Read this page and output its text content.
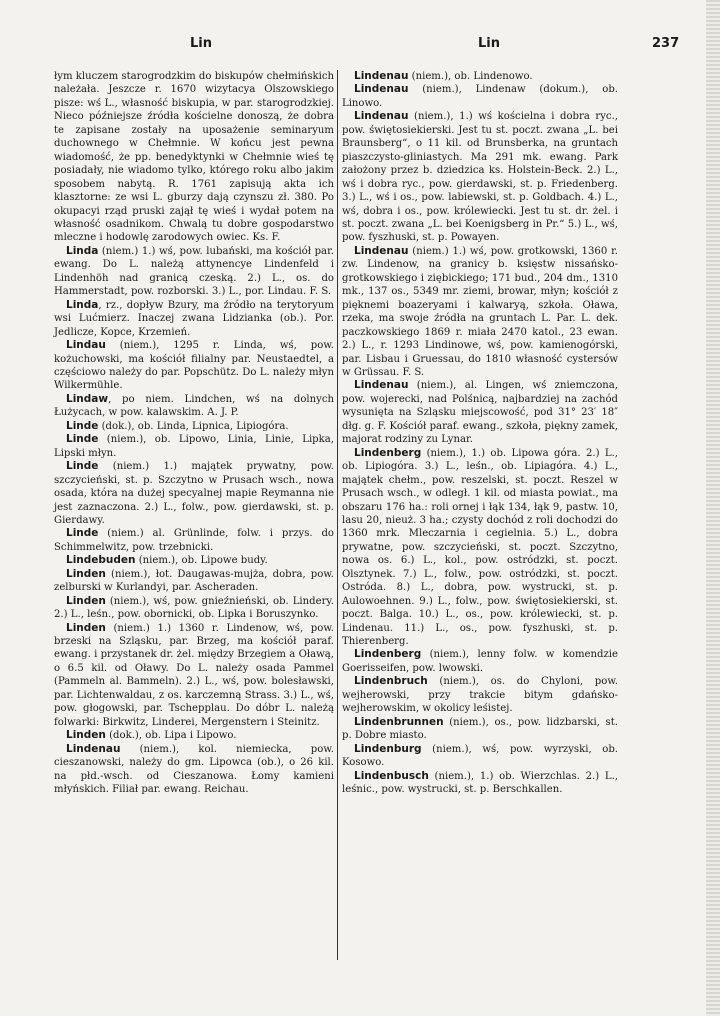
Lin	Lin	237

łym kluczem starogrodzkim do biskupów chełmińskich należała. Jeszcze r. 1670 wizytacya Olszowskiego pisze: wś L., własność biskupia, w par. starogrodzkiej. Nieco późniejsze źródła kościelne donoszą, że dobra te zapisane zostały na uposażenie seminaryum duchownego w Chełmnie. W końcu jest pewna wiadomość, że pp. benedyktynki w Chełmnie wieś tę posiadały, nie wiadomo tylko, którego roku albo jakim sposobem nabytą. R. 1761 zapisują akta ich klasztorne: ze wsi L. gburzy dają czynszu zł. 380. Po okupacyi rząd pruski zajął tę wieś i wydał potem na własność osadnikom. Chwalą tu dobre gospodarstwo mleczne i hodowlę zarodowych owiec. Ks. F.

Linda (niem.) 1.) wś, pow. lubański, ma kościół par. ewang. Do L. należą attynencye Lindenfeld i Lindenhöh nad granicą czeską. 2.) L., os. do Hammerstadt, pow. rozborski. 3.) L., por. Lindau. F. S.

Linda, rz., dopływ Bzury, ma źródło na terytoryum wsi Lućmierz. Inaczej zwana Lidzianka (ob.). Por. Jedlicze, Kopce, Krzemień.

Lindau (niem.), 1295 r. Linda, wś, pow. kożuchowski, ma kościół filialny par. Neustaedtel, a częściowo należy do par. Popschütz. Do L. należy młyn Wilkermühle.

Lindaw, po niem. Lindchen, wś na dolnych Łużycach, w pow. kalawskim. A. J. P.

Linde (dok.), ob. Linda, Lipnica, Lipiogóra.

Linde (niem.), ob. Lipowo, Linia, Linie, Lipka, Lipski młyn.

Linde (niem.) 1.) majątek prywatny, pow. szczycieński, st. p. Szczytno w Prusach wsch., nowa osada, która na dużej specyalnej mapie Reymanna nie jest zaznaczona. 2.) L., folw., pow. gierdawski, st. p. Gierdawy.

Linde (niem.) al. Grünlinde, folw. i przys. do Schimmelwitz, pow. trzebnicki.

Lindebuden (niem.), ob. Lipowe budy.

Linden (niem.), łot. Daugawas-mujża, dobra, pow. zelburski w Kurlandyi, par. Ascheraden.

Linden (niem.), wś, pow. gnieźnieński, ob. Lindery. 2.) L., leśn., pow. obornicki, ob. Lipka i Boruszynko.

Linden (niem.) 1.) 1360 r. Lindenow, wś, pow. brzeski na Szląsku, par. Brzeg, ma kościół paraf. ewang. i przystanek dr. żel. między Brzegiem a Oławą, o 6.5 kil. od Oławy. Do L. należy osada Pammel (Pammeln al. Bammeln). 2.) L., wś, pow. bolesławski, par. Lichtenwaldau, z os. karczemną Strass. 3.) L., wś, pow. głogowski, par. Tschepplau. Do dóbr L. należą folwarki: Birkwitz, Linderei, Mergenstern i Steinitz.

Linden (dok.), ob. Lipa i Lipowo.

Lindenau (niem.), kol. niemiecka, pow. cieszanowski, należy do gm. Lipowca (ob.), o 26 kil. na płd.-wsch. od Cieszanowa. Łomy kamieni młyńskich. Filiał par. ewang. Reichau.

Lindenau (niem.), ob. Lindenowo.

Lindenau (niem.), Lindenaw (dokum.), ob. Linowo.

Lindenau (niem.), 1.) wś kościelna i dobra ryc., pow. świętosiekierski. Jest tu st. poczt. zwana „L. bei Braunsberg“, o 11 kil. od Brunsberka, na gruntach piaszczysto-gliniastych. Ma 291 mk. ewang. Park założony przez b. dziedzica ks. Holstein-Beck. 2.) L., wś i dobra ryc., pow. gierdawski, st. p. Friedenberg. 3.) L., wś i os., pow. labiewski, st. p. Goldbach. 4.) L., wś, dobra i os., pow. królewiecki. Jest tu st. dr. żel. i st. poczt. zwana „L. bei Koenigsberg in Pr.“ 5.) L., wś, pow. fyszhuski, st. p. Powayen.

Lindenau (niem.) 1.) wś, pow. grotkowski, 1360 r. zw. Lindenow, na granicy b. księstw nissańsko-grotkowskiego i ziębickiego; 171 bud., 204 dm., 1310 mk., 137 os., 5349 mr. ziemi, browar, młyn; kościół z pięknemi boazeryami i kalwaryą, szkoła. Oława, rzeka, ma swoje źródła na gruntach L. Par. L. dek. paczkowskiego 1869 r. miała 2470 katol., 23 ewan. 2.) L., r. 1293 Lindinowe, wś, pow. kamienogórski, par. Lisbau i Gruessau, do 1810 własność cystersów w Grüssau. F. S.

Lindenau (niem.), al. Lingen, wś zniemczona, pow. wojerecki, nad Polśnicą, najbardziej na zachód wysunięta na Szląsku miejscowość, pod 31° 23′ 18″ dłg. g. F. Kościół paraf. ewang., szkoła, piękny zamek, majorat rodziny zu Lynar.

Lindenberg (niem.), 1.) ob. Lipowa góra. 2.) L., ob. Lipiogóra. 3.) L., leśn., ob. Lipiagóra. 4.) L., majątek chełm., pow. reszelski, st. poczt. Reszel w Prusach wsch., w odległ. 1 kil. od miasta powiat., ma obszaru 176 ha.: roli ornej i łąk 134, łąk 9, pastw. 10, lasu 20, nieuż. 3 ha.; czysty dochód z roli dochodzi do 1360 mrk. Mleczarnia i cegielnia. 5.) L., dobra prywatne, pow. szczycieński, st. poczt. Szczytno, nowa os. 6.) L., kol., pow. ostródzki, st. poczt. Olsztynek. 7.) L., folw., pow. ostródzki, st. poczt. Ostróda. 8.) L., dobra, pow. wystrucki, st. p. Aulowoehnen. 9.) L., folw., pow. świętosiekierski, st. poczt. Balga. 10.) L., os., pow. królewiecki, st. p. Lindenau. 11.) L., os., pow. fyszhuski, st. p. Thierenberg.

Lindenberg (niem.), lenny folw. w komendzie Goerisseifen, pow. lwowski.

Lindenbruch (niem.), os. do Chyloni, pow. wejherowski, przy trakcie bitym gdańsko-wejherowskim, w okolicy leśistej.

Lindenbrunnen (niem.), os., pow. lidzbarski, st. p. Dobre miasto.

Lindenburg (niem.), wś, pow. wyrzyski, ob. Kosowo.

Lindenbusch (niem.), 1.) ob. Wierzchlas. 2.) L., leśnic., pow. wystrucki, st. p. Berschkallen.
